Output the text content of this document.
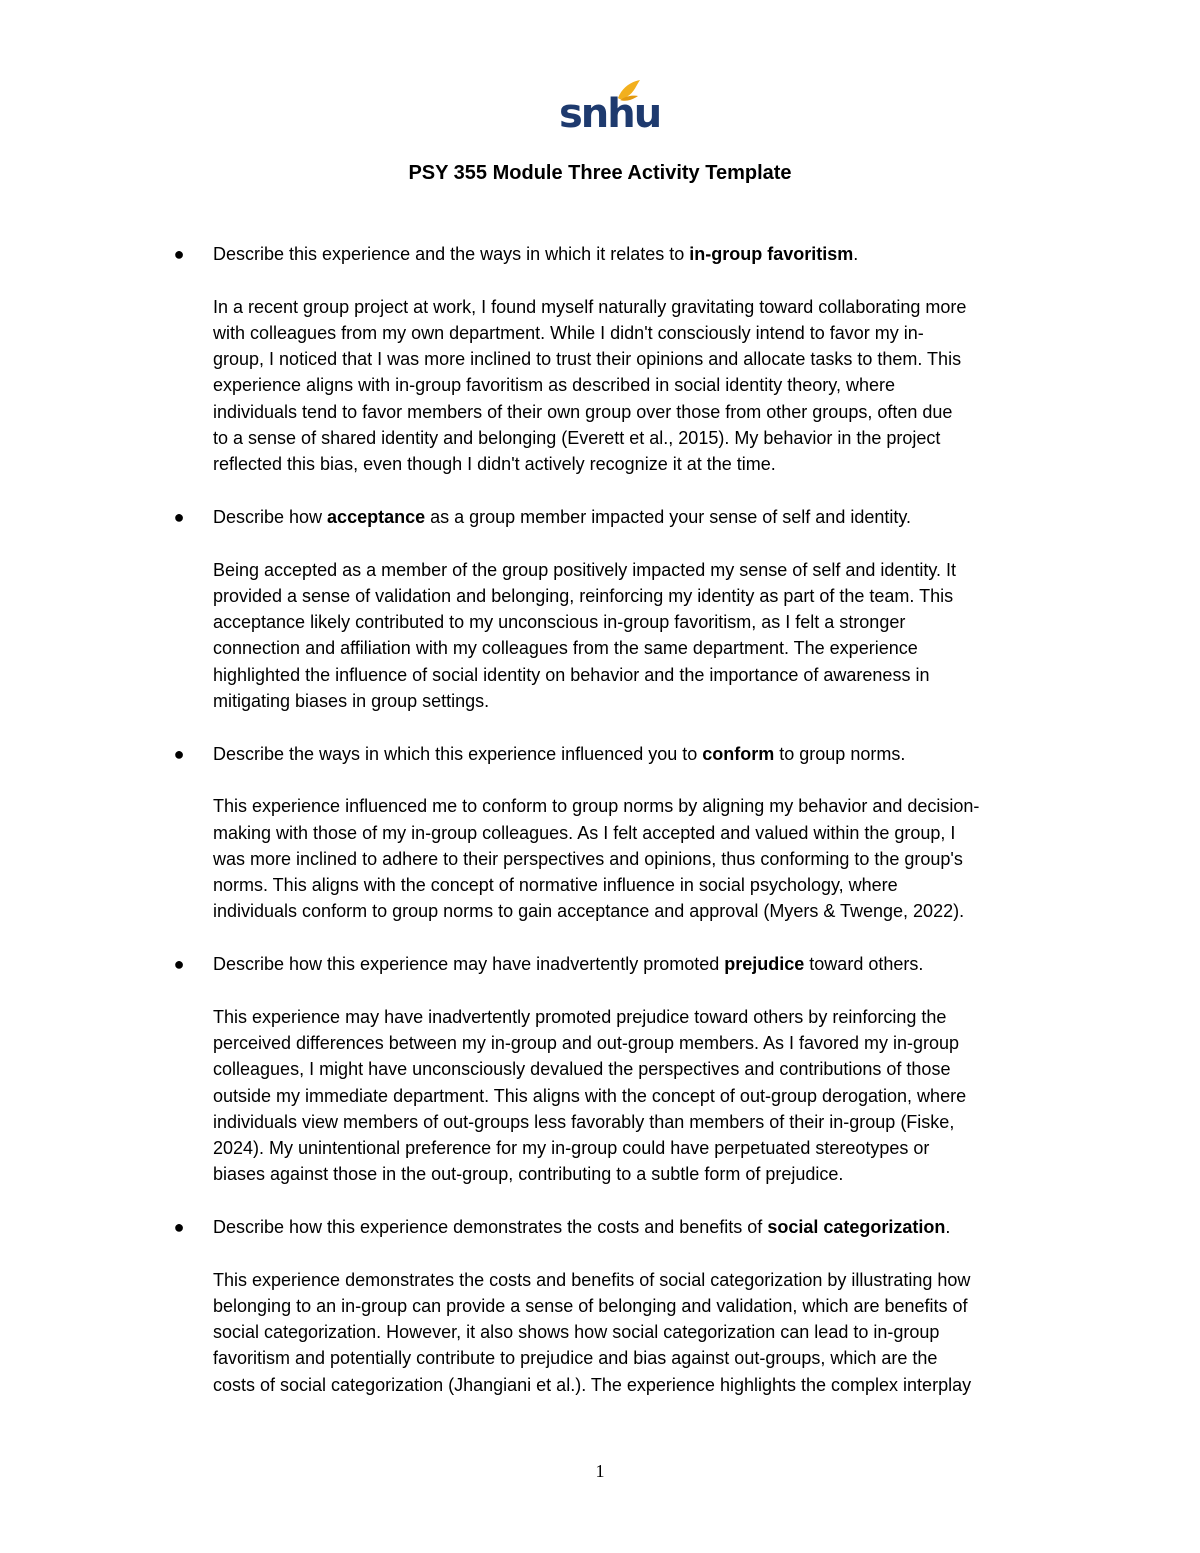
snhu
PSY 355 Module Three Activity Template

● Describe this experience and the ways in which it relates to in-group favoritism.

In a recent group project at work, I found myself naturally gravitating toward collaborating more
with colleagues from my own department. While I didn't consciously intend to favor my in-
group, I noticed that I was more inclined to trust their opinions and allocate tasks to them. This
experience aligns with in-group favoritism as described in social identity theory, where
individuals tend to favor members of their own group over those from other groups, often due
to a sense of shared identity and belonging (Everett et al., 2015). My behavior in the project
reflected this bias, even though I didn't actively recognize it at the time.

● Describe how acceptance as a group member impacted your sense of self and identity.

Being accepted as a member of the group positively impacted my sense of self and identity. It
provided a sense of validation and belonging, reinforcing my identity as part of the team. This
acceptance likely contributed to my unconscious in-group favoritism, as I felt a stronger
connection and affiliation with my colleagues from the same department. The experience
highlighted the influence of social identity on behavior and the importance of awareness in
mitigating biases in group settings.

● Describe the ways in which this experience influenced you to conform to group norms.

This experience influenced me to conform to group norms by aligning my behavior and decision-
making with those of my in-group colleagues. As I felt accepted and valued within the group, I
was more inclined to adhere to their perspectives and opinions, thus conforming to the group's
norms. This aligns with the concept of normative influence in social psychology, where
individuals conform to group norms to gain acceptance and approval (Myers & Twenge, 2022).

● Describe how this experience may have inadvertently promoted prejudice toward others.

This experience may have inadvertently promoted prejudice toward others by reinforcing the
perceived differences between my in-group and out-group members. As I favored my in-group
colleagues, I might have unconsciously devalued the perspectives and contributions of those
outside my immediate department. This aligns with the concept of out-group derogation, where
individuals view members of out-groups less favorably than members of their in-group (Fiske,
2024). My unintentional preference for my in-group could have perpetuated stereotypes or
biases against those in the out-group, contributing to a subtle form of prejudice.

● Describe how this experience demonstrates the costs and benefits of social categorization.

This experience demonstrates the costs and benefits of social categorization by illustrating how
belonging to an in-group can provide a sense of belonging and validation, which are benefits of
social categorization. However, it also shows how social categorization can lead to in-group
favoritism and potentially contribute to prejudice and bias against out-groups, which are the
costs of social categorization (Jhangiani et al.). The experience highlights the complex interplay

1
